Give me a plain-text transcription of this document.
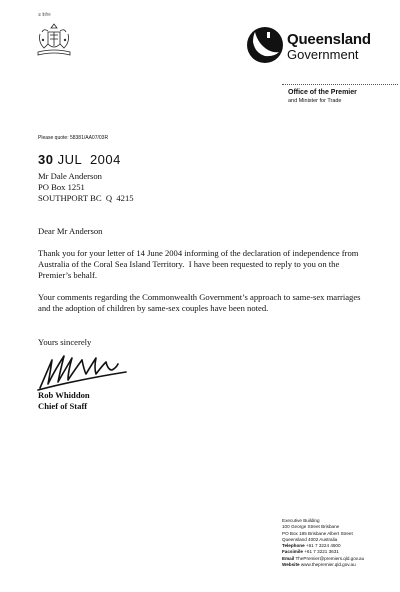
ऊ दैवीण
Queensland
Government
Office of the Premier
and Minister for Trade
Please quote: 58381/AA07/03R
30 JUL  2004
Mr Dale Anderson
PO Box 1251
SOUTHPORT BC  Q  4215
Dear Mr Anderson
Thank you for your letter of 14 June 2004 informing of the declaration of independence from Australia of the Coral Sea Island Territory.  I have been requested to reply to you on the Premier’s behalf.
Your comments regarding the Commonwealth Government’s approach to same-sex marriages and the adoption of children by same-sex couples have been noted.
Yours sincerely
Rob Whiddon
Chief of Staff
Executive Building
100 George Street Brisbane
PO Box 185 Brisbane Albert Street
Queensland 4002 Australia
Telephone +61 7 3224 4500
Facsimile +61 7 3221 3631
Email ThePremier@premiers.qld.gov.au
Website www.thepremier.qld.gov.au
